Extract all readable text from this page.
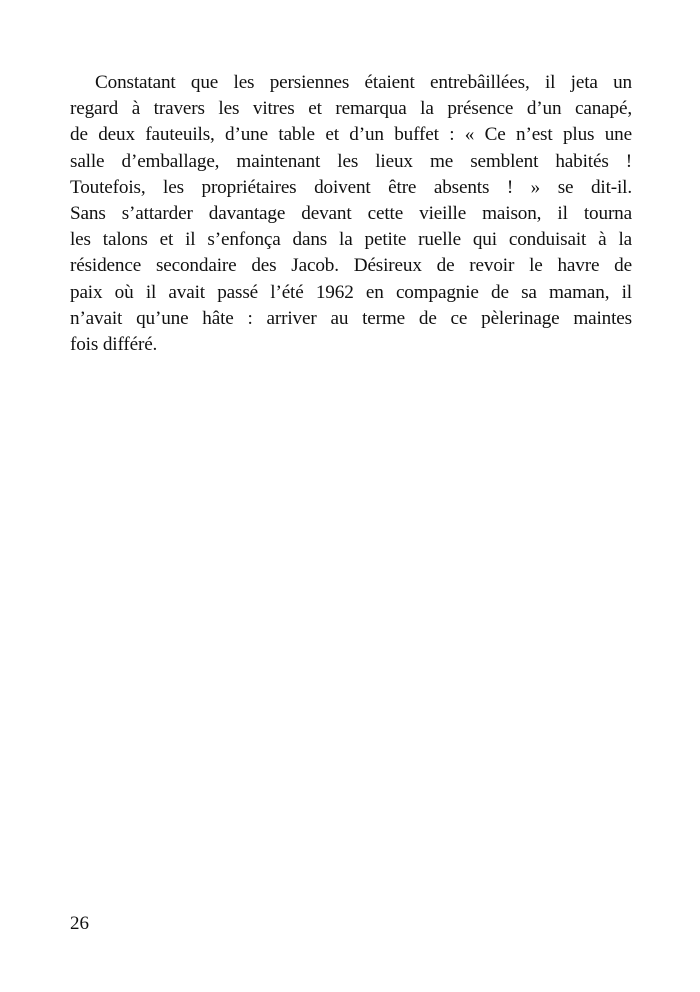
Constatant que les persiennes étaient entrebâillées, il jeta un
regard à travers les vitres et remarqua la présence d’un canapé,
de deux fauteuils, d’une table et d’un buffet : « Ce n’est plus une
salle d’emballage, maintenant les lieux me semblent habités !
Toutefois, les propriétaires doivent être absents ! » se dit-il.
Sans s’attarder davantage devant cette vieille maison, il tourna
les talons et il s’enfonça dans la petite ruelle qui conduisait à la
résidence secondaire des Jacob. Désireux de revoir le havre de
paix où il avait passé l’été 1962 en compagnie de sa maman, il
n’avait qu’une hâte : arriver au terme de ce pèlerinage maintes
fois différé.

26
